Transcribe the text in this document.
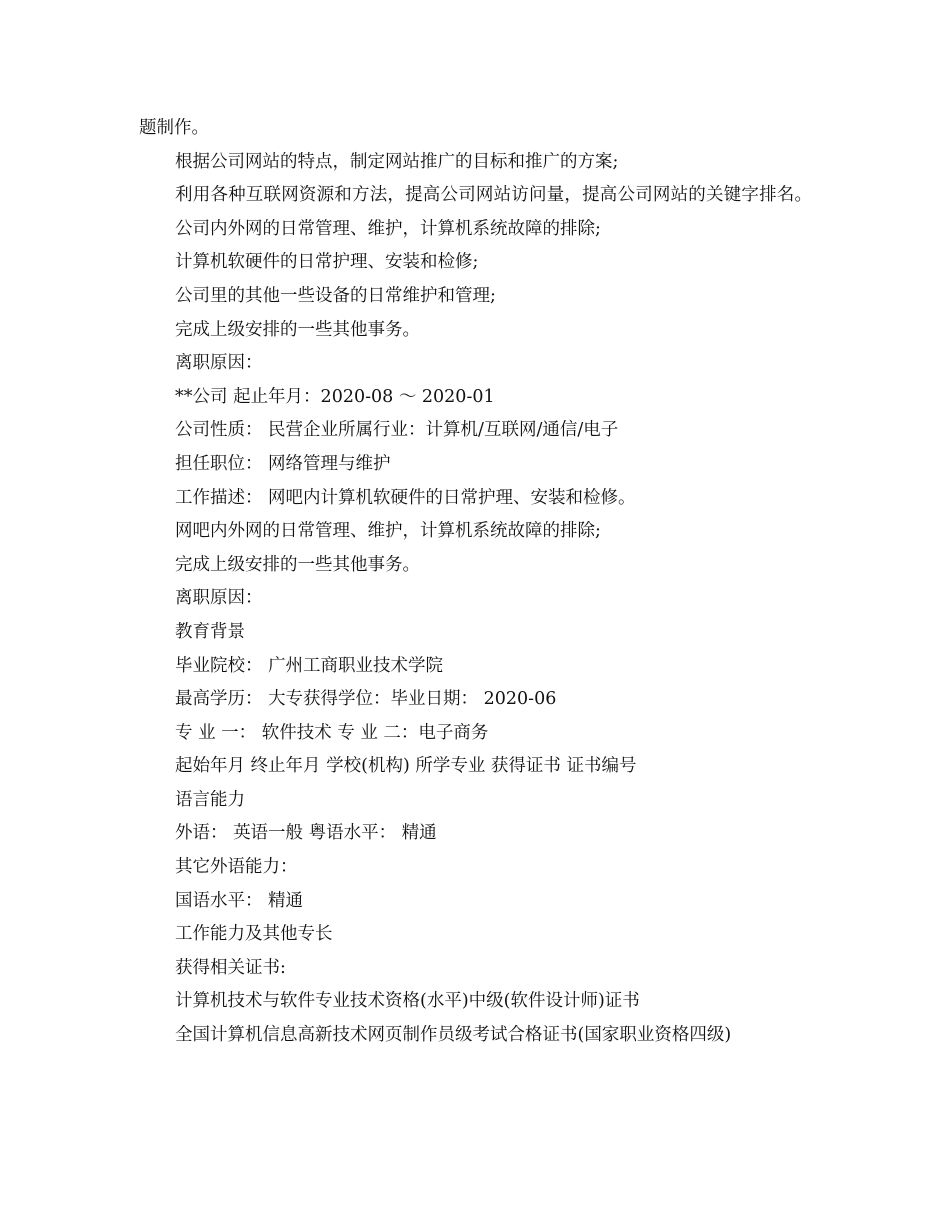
题制作。
根据公司网站的特点，制定网站推广的目标和推广的方案;
利用各种互联网资源和方法，提高公司网站访问量，提高公司网站的关键字排名。
公司内外网的日常管理、维护，计算机系统故障的排除;
计算机软硬件的日常护理、安装和检修;
公司里的其他一些设备的日常维护和管理;
完成上级安排的一些其他事务。
离职原因：
**公司 起止年月：2020-08 ～ 2020-01
公司性质： 民营企业所属行业：计算机/互联网/通信/电子
担任职位： 网络管理与维护
工作描述： 网吧内计算机软硬件的日常护理、安装和检修。
网吧内外网的日常管理、维护，计算机系统故障的排除;
完成上级安排的一些其他事务。
离职原因：
教育背景
毕业院校： 广州工商职业技术学院
最高学历： 大专获得学位：毕业日期： 2020-06
专 业 一： 软件技术 专 业 二：电子商务
起始年月 终止年月 学校(机构) 所学专业 获得证书 证书编号
语言能力
外语： 英语一般 粤语水平： 精通
其它外语能力：
国语水平： 精通
工作能力及其他专长
获得相关证书:
计算机技术与软件专业技术资格(水平)中级(软件设计师)证书
全国计算机信息高新技术网页制作员级考试合格证书(国家职业资格四级)
